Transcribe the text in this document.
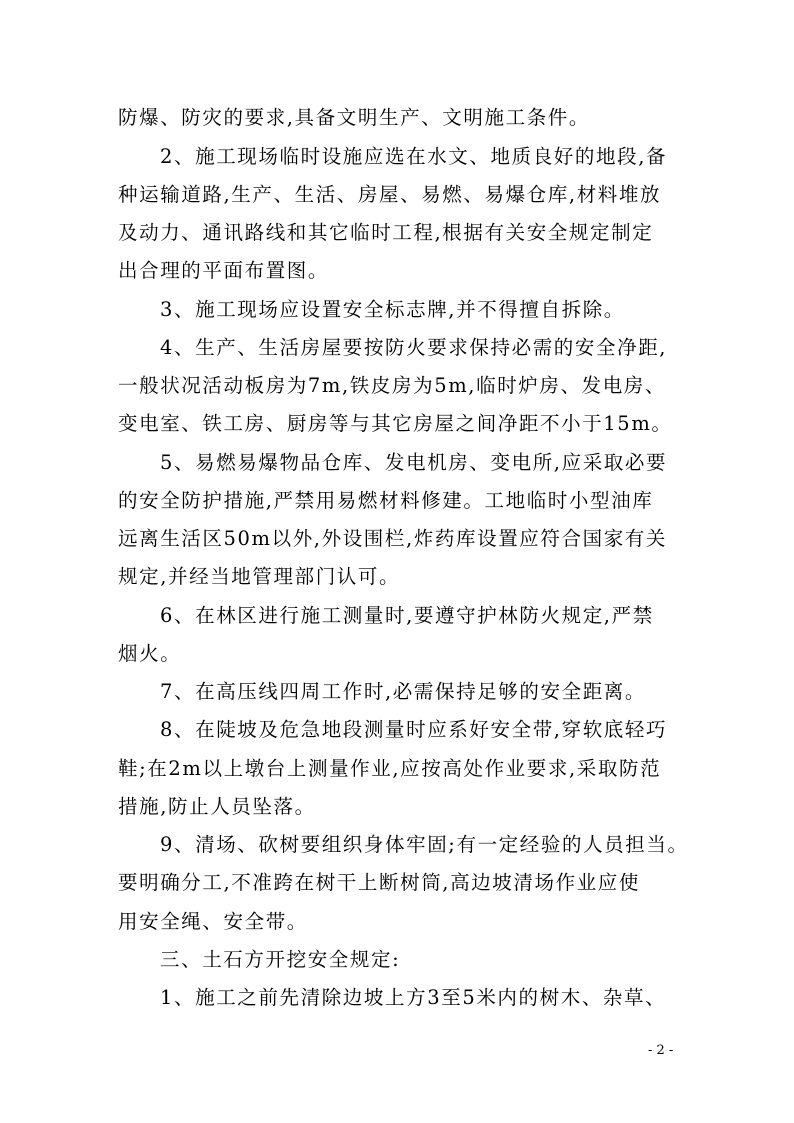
防爆、防灾的要求,具备文明生产、文明施工条件。
2、施工现场临时设施应选在水文、地质良好的地段,备
种运输道路,生产、生活、房屋、易燃、易爆仓库,材料堆放
及动力、通讯路线和其它临时工程,根据有关安全规定制定
出合理的平面布置图。
3、施工现场应设置安全标志牌,并不得擅自拆除。
4、生产、生活房屋要按防火要求保持必需的安全净距,
一般状况活动板房为7m,铁皮房为5m,临时炉房、发电房、
变电室、铁工房、厨房等与其它房屋之间净距不小于15m。
5、易燃易爆物品仓库、发电机房、变电所,应采取必要
的安全防护措施,严禁用易燃材料修建。工地临时小型油库
远离生活区50m以外,外设围栏,炸药库设置应符合国家有关
规定,并经当地管理部门认可。
6、在林区进行施工测量时,要遵守护林防火规定,严禁
烟火。
7、在高压线四周工作时,必需保持足够的安全距离。
8、在陡坡及危急地段测量时应系好安全带,穿软底轻巧
鞋;在2m以上墩台上测量作业,应按高处作业要求,采取防范
措施,防止人员坠落。
9、清场、砍树要组织身体牢固;有一定经验的人员担当。
要明确分工,不准跨在树干上断树筒,高边坡清场作业应使
用安全绳、安全带。
三、土石方开挖安全规定:
1、施工之前先清除边坡上方3至5米内的树木、杂草、
- 2 -
